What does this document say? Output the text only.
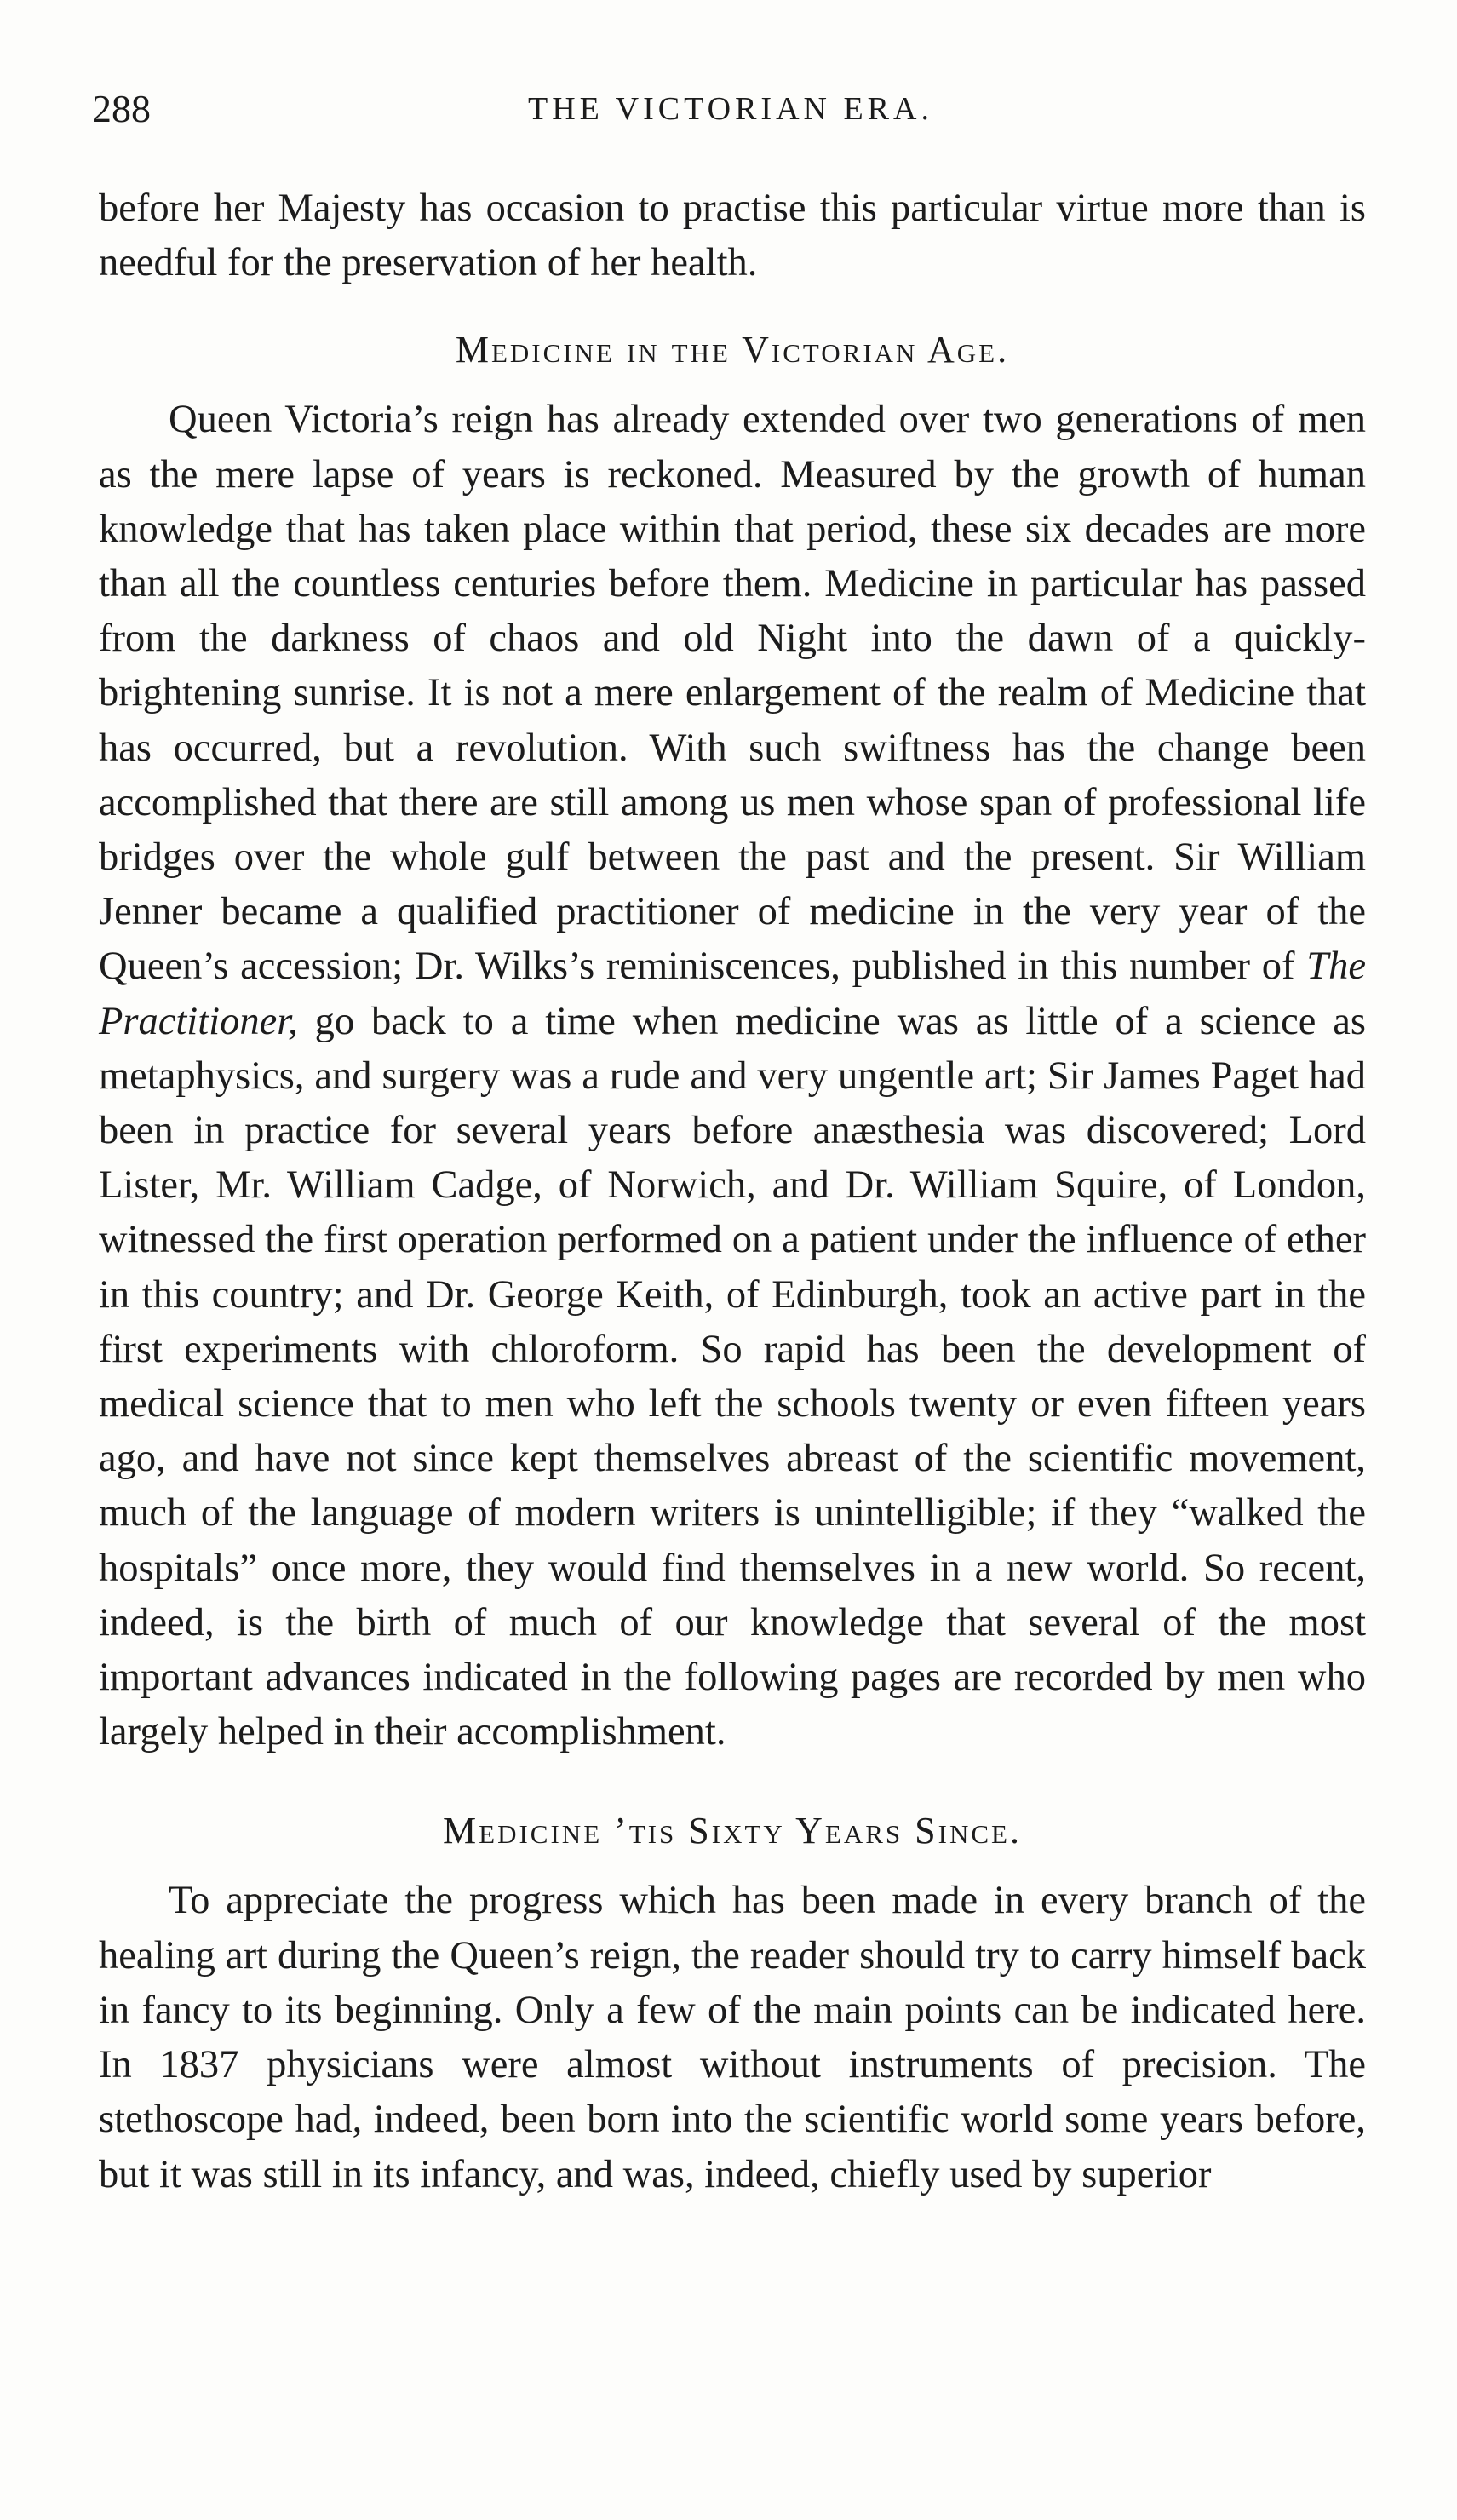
288	THE VICTORIAN ERA.

before her Majesty has occasion to practise this particular virtue more than is needful for the preservation of her health.

Medicine in the Victorian Age.

Queen Victoria’s reign has already extended over two generations of men as the mere lapse of years is reckoned. Measured by the growth of human knowledge that has taken place within that period, these six decades are more than all the countless centuries before them. Medicine in particular has passed from the darkness of chaos and old Night into the dawn of a quickly-brightening sunrise. It is not a mere enlargement of the realm of Medicine that has occurred, but a revolution. With such swiftness has the change been accomplished that there are still among us men whose span of professional life bridges over the whole gulf between the past and the present. Sir William Jenner became a qualified practitioner of medicine in the very year of the Queen’s accession; Dr. Wilks’s reminiscences, published in this number of The Practitioner, go back to a time when medicine was as little of a science as metaphysics, and surgery was a rude and very ungentle art; Sir James Paget had been in practice for several years before anæsthesia was discovered; Lord Lister, Mr. William Cadge, of Norwich, and Dr. William Squire, of London, witnessed the first operation performed on a patient under the influence of ether in this country; and Dr. George Keith, of Edinburgh, took an active part in the first experiments with chloroform. So rapid has been the development of medical science that to men who left the schools twenty or even fifteen years ago, and have not since kept themselves abreast of the scientific movement, much of the language of modern writers is unintelligible; if they “walked the hospitals” once more, they would find themselves in a new world. So recent, indeed, is the birth of much of our knowledge that several of the most important advances indicated in the following pages are recorded by men who largely helped in their accomplishment.

Medicine ’tis Sixty Years Since.

To appreciate the progress which has been made in every branch of the healing art during the Queen’s reign, the reader should try to carry himself back in fancy to its beginning. Only a few of the main points can be indicated here. In 1837 physicians were almost without instruments of precision. The stethoscope had, indeed, been born into the scientific world some years before, but it was still in its infancy, and was, indeed, chiefly used by superior
